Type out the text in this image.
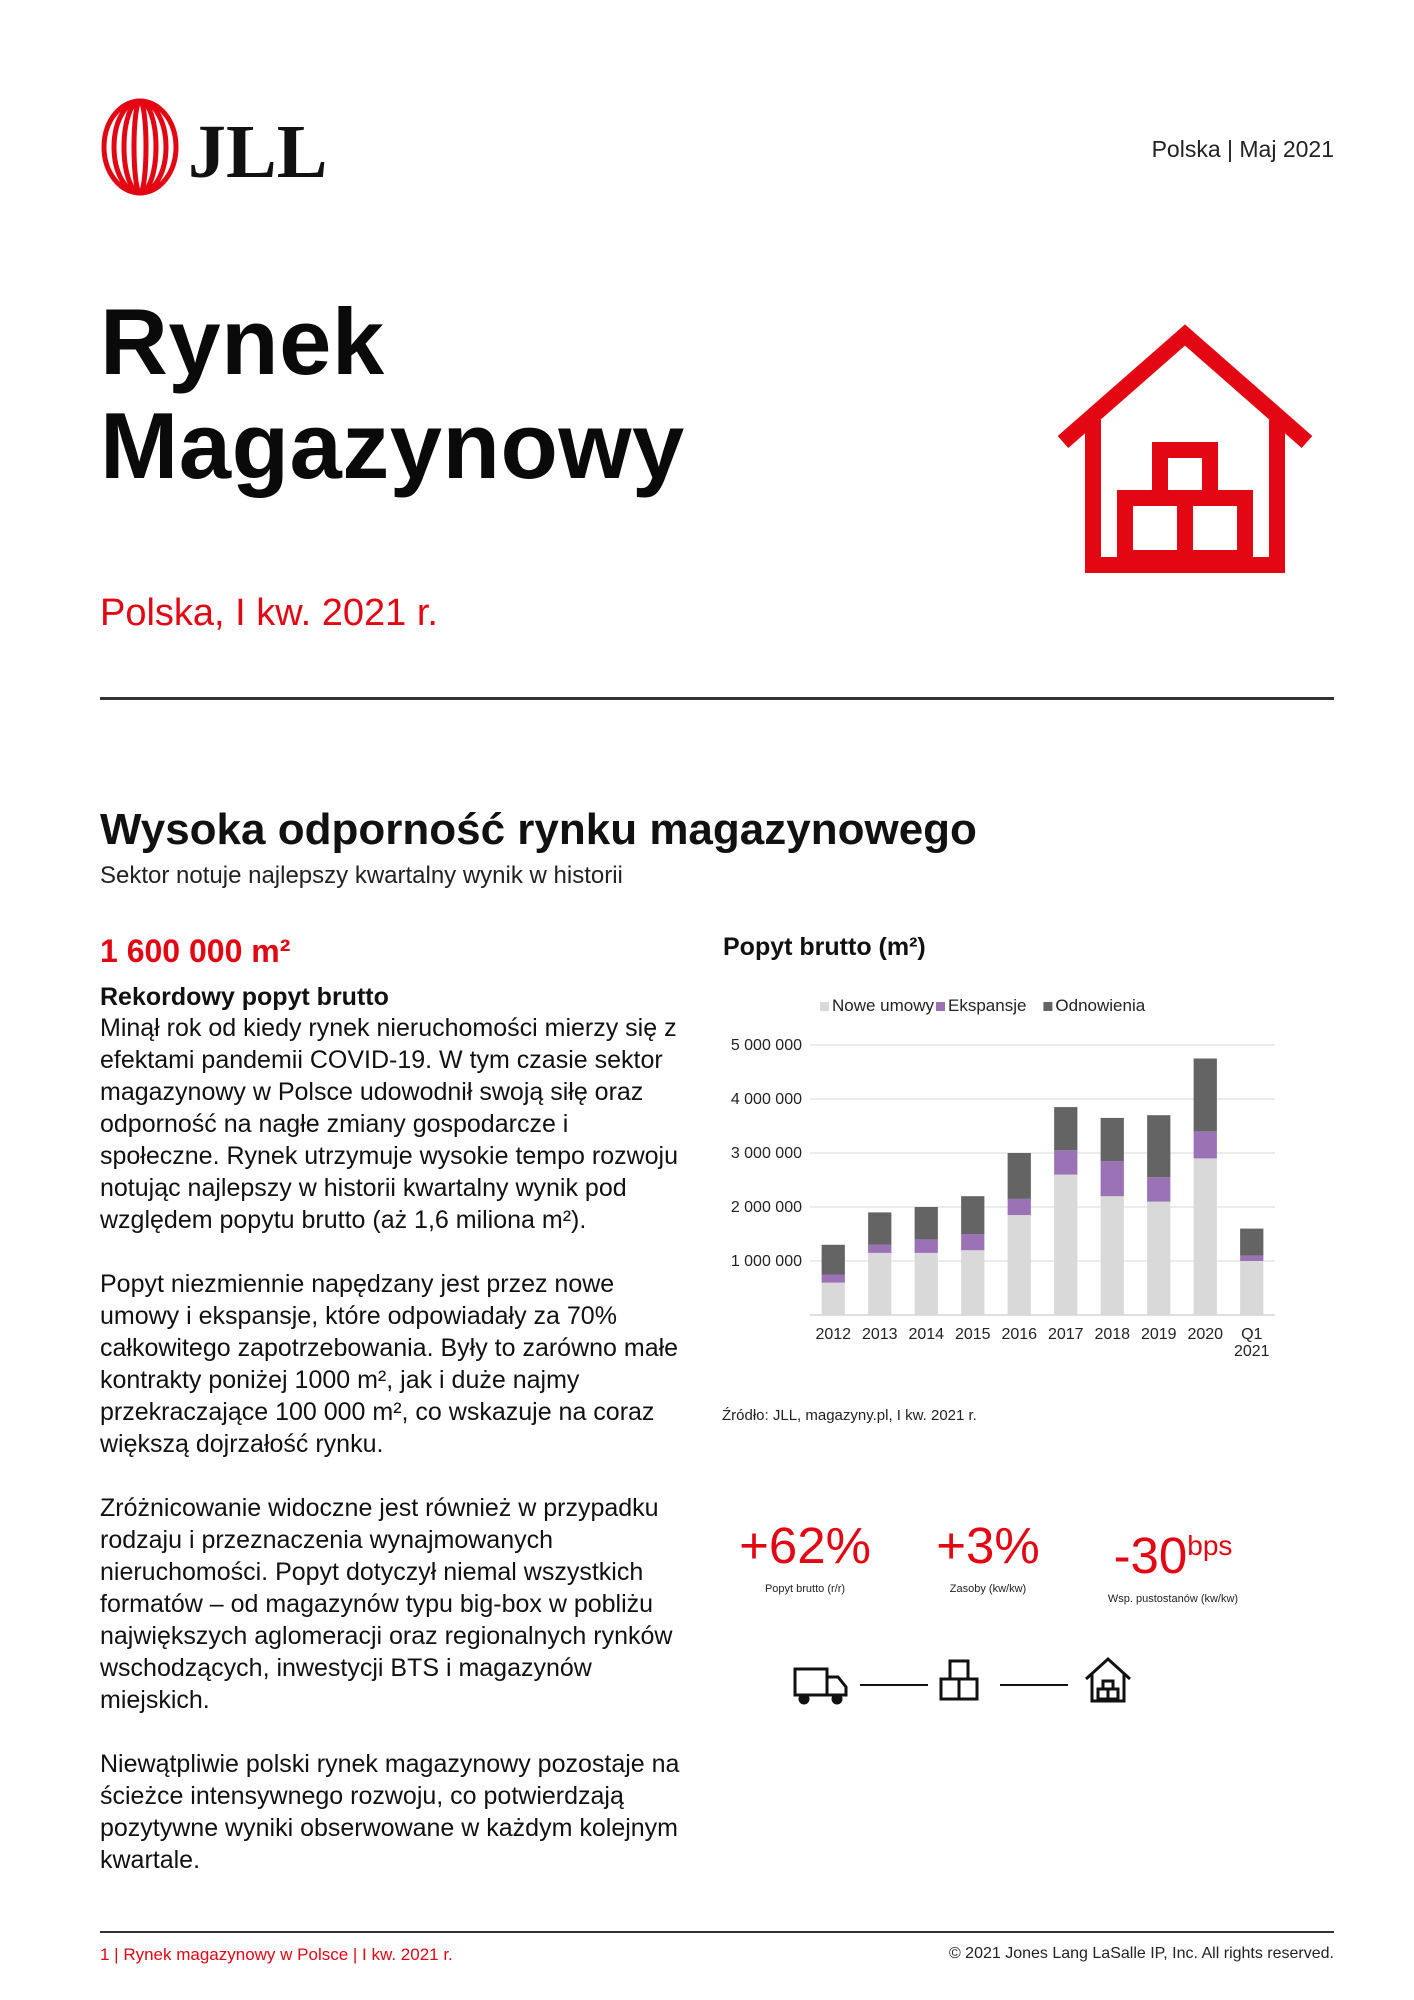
JLL	Polska | Maj 2021
Rynek
Magazynowy
Polska, I kw. 2021 r.
Wysoka odporność rynku magazynowego
Sektor notuje najlepszy kwartalny wynik w historii
1 600 000 m²
Rekordowy popyt brutto

Minął rok od kiedy rynek nieruchomości mierzy się z efektami pandemii COVID-19. W tym czasie sektor magazynowy w Polsce udowodnił swoją siłę oraz odporność na nagłe zmiany gospodarcze i społeczne. Rynek utrzymuje wysokie tempo rozwoju notując najlepszy w historii kwartalny wynik pod względem popytu brutto (aż 1,6 miliona m²).

Popyt niezmiennie napędzany jest przez nowe umowy i ekspansje, które odpowiadały za 70% całkowitego zapotrzebowania. Były to zarówno małe kontrakty poniżej 1000 m², jak i duże najmy przekraczające 100 000 m², co wskazuje na coraz większą dojrzałość rynku.

Zróżnicowanie widoczne jest również w przypadku rodzaju i przeznaczenia wynajmowanych nieruchomości. Popyt dotyczył niemal wszystkich formatów – od magazynów typu big-box w pobliżu największych aglomeracji oraz regionalnych rynków wschodzących, inwestycji BTS i magazynów miejskich.

Niewątpliwie polski rynek magazynowy pozostaje na ścieżce intensywnego rozwoju, co potwierdzają pozytywne wyniki obserwowane w każdym kolejnym kwartale.

Popyt brutto (m²)
Nowe umowy Ekspansje Odnowienia
1 000 000
2 000 000
3 000 000
4 000 000
5 000 000
2012 2013 2014 2015 2016 2017 2018 2019 2020 Q1
2021
Źródło: JLL, magazyny.pl, I kw. 2021 r.
+62%
Popyt brutto (r/r)
+3%
Zasoby (kw/kw)
$-30^{bps}$
Wsp. pustostanów (kw/kw)
1 | Rynek magazynowy w Polsce | I kw. 2021 r.	© 2021 Jones Lang LaSalle IP, Inc. All rights reserved.
